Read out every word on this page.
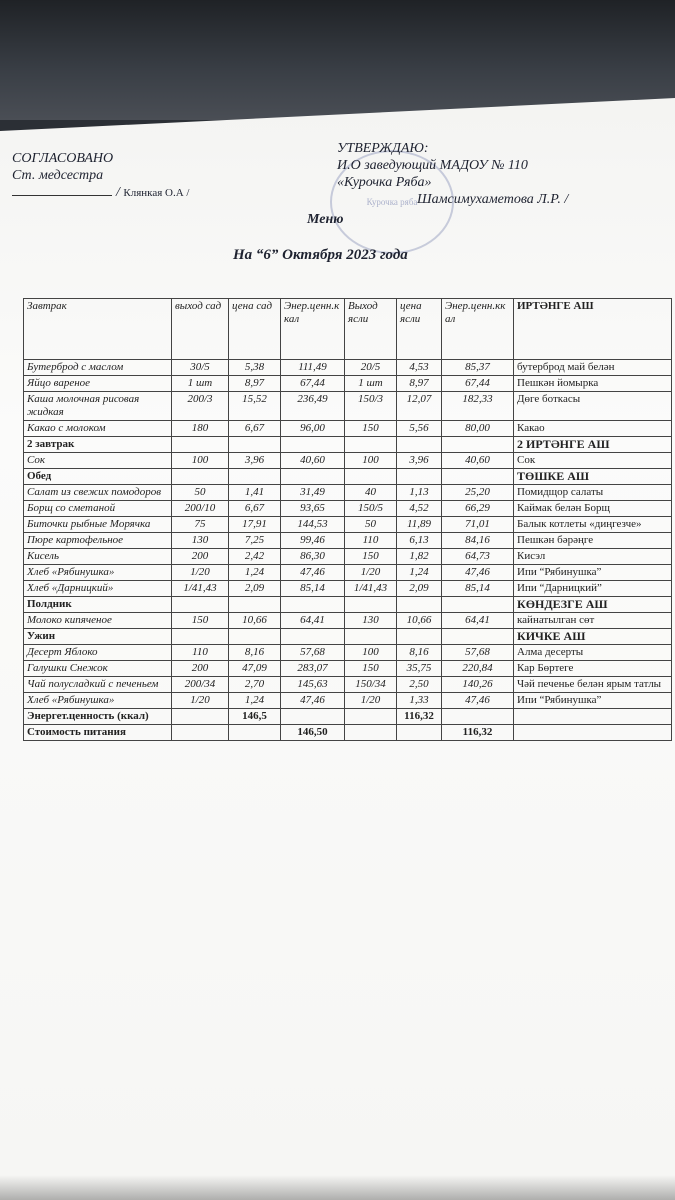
СОГЛАСОВАНО
Ст. медсестра
/ Клянкая О.А /
Курочка ряба
УТВЕРЖДАЮ:
И.О заведующий МАДОУ № 110
«Курочка Ряба»
Шамсимухаметова Л.Р. /
Меню
На “6” Октября 2023 года
Завтрак	выход сад	цена сад	Энер.ценн.ккал	Выход ясли	цена ясли	Энер.ценн.ккал	ИРТӘНГЕ АШ
Бутерброд с маслом	30/5	5,38	111,49	20/5	4,53	85,37	бутерброд май белән
Яйцо вареное	1 шт	8,97	67,44	1 шт	8,97	67,44	Пешкән йомырка
Каша молочная рисовая жидкая	200/3	15,52	236,49	150/3	12,07	182,33	Дөге боткасы
Какао с молоком	180	6,67	96,00	150	5,56	80,00	Какао
2 завтрак							2 ИРТӘНГЕ АШ
Сок	100	3,96	40,60	100	3,96	40,60	Сок
Обед							ТӨШКЕ АШ
Салат из свежих помодоров	50	1,41	31,49	40	1,13	25,20	Помидщор салаты
Борщ со сметаной	200/10	6,67	93,65	150/5	4,52	66,29	Каймак белән Борщ
Биточки рыбные Морячка	75	17,91	144,53	50	11,89	71,01	Балык котлеты «диңгезче»
Пюре картофельное	130	7,25	99,46	110	6,13	84,16	Пешкән бәрәңге
Кисель	200	2,42	86,30	150	1,82	64,73	Кисэл
Хлеб «Рябинушка»	1/20	1,24	47,46	1/20	1,24	47,46	Ипи “Рябинушка”
Хлеб «Дарницкий»	1/41,43	2,09	85,14	1/41,43	2,09	85,14	Ипи “Дарницкий”
Полдник							КӨНДЕЗГЕ АШ
Молоко кипяченое	150	10,66	64,41	130	10,66	64,41	кайнатылган сөт
Ужин							КИЧКЕ АШ
Десерт Яблоко	110	8,16	57,68	100	8,16	57,68	Алма десерты
Галушки Снежок	200	47,09	283,07	150	35,75	220,84	Кар Бөртеге
Чай полусладкий с печеньем	200/34	2,70	145,63	150/34	2,50	140,26	Чәй печенье белән ярым татлы
Хлеб «Рябинушка»	1/20	1,24	47,46	1/20	1,33	47,46	Ипи “Рябинушка”
Энергет.ценность (ккал)		146,5			116,32		
Стоимость питания			146,50			116,32	
